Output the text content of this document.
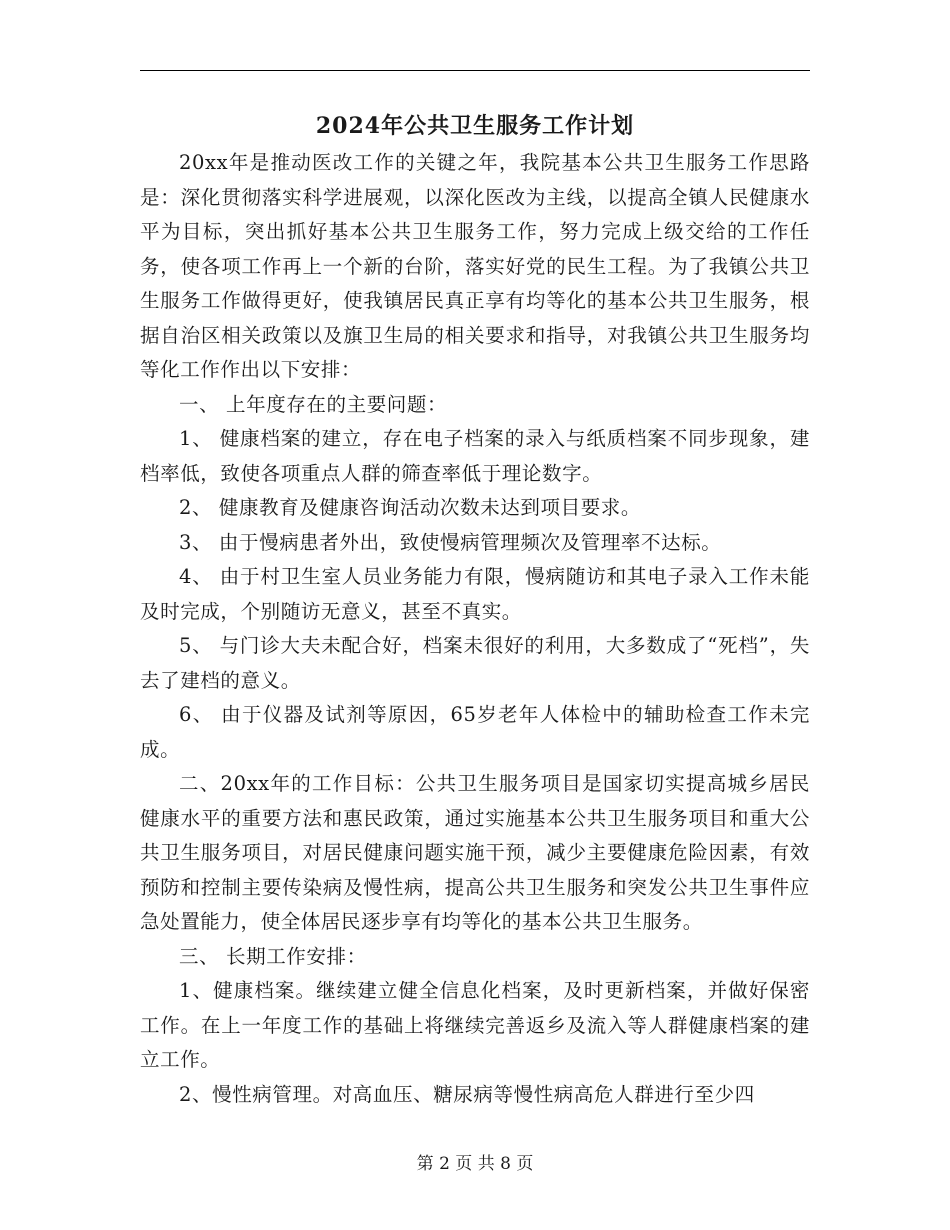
2024年公共卫生服务工作计划

20xx年是推动医改工作的关键之年，我院基本公共卫生服务工作思路是：深化贯彻落实科学进展观，以深化医改为主线，以提高全镇人民健康水平为目标，突出抓好基本公共卫生服务工作，努力完成上级交给的工作任务，使各项工作再上一个新的台阶，落实好党的民生工程。为了我镇公共卫生服务工作做得更好，使我镇居民真正享有均等化的基本公共卫生服务，根据自治区相关政策以及旗卫生局的相关要求和指导，对我镇公共卫生服务均等化工作作出以下安排：

一、 上年度存在的主要问题：

1、 健康档案的建立，存在电子档案的录入与纸质档案不同步现象，建档率低，致使各项重点人群的筛查率低于理论数字。

2、 健康教育及健康咨询活动次数未达到项目要求。

3、 由于慢病患者外出，致使慢病管理频次及管理率不达标。

4、 由于村卫生室人员业务能力有限，慢病随访和其电子录入工作未能及时完成，个别随访无意义，甚至不真实。

5、 与门诊大夫未配合好，档案未很好的利用，大多数成了“死档”，失去了建档的意义。

6、 由于仪器及试剂等原因，65岁老年人体检中的辅助检查工作未完成。

二、20xx年的工作目标：公共卫生服务项目是国家切实提高城乡居民健康水平的重要方法和惠民政策，通过实施基本公共卫生服务项目和重大公共卫生服务项目，对居民健康问题实施干预，减少主要健康危险因素，有效预防和控制主要传染病及慢性病，提高公共卫生服务和突发公共卫生事件应急处置能力，使全体居民逐步享有均等化的基本公共卫生服务。

三、 长期工作安排：

1、健康档案。继续建立健全信息化档案，及时更新档案，并做好保密工作。在上一年度工作的基础上将继续完善返乡及流入等人群健康档案的建立工作。

2、慢性病管理。对高血压、糖尿病等慢性病高危人群进行至少四

第 2 页 共 8 页
